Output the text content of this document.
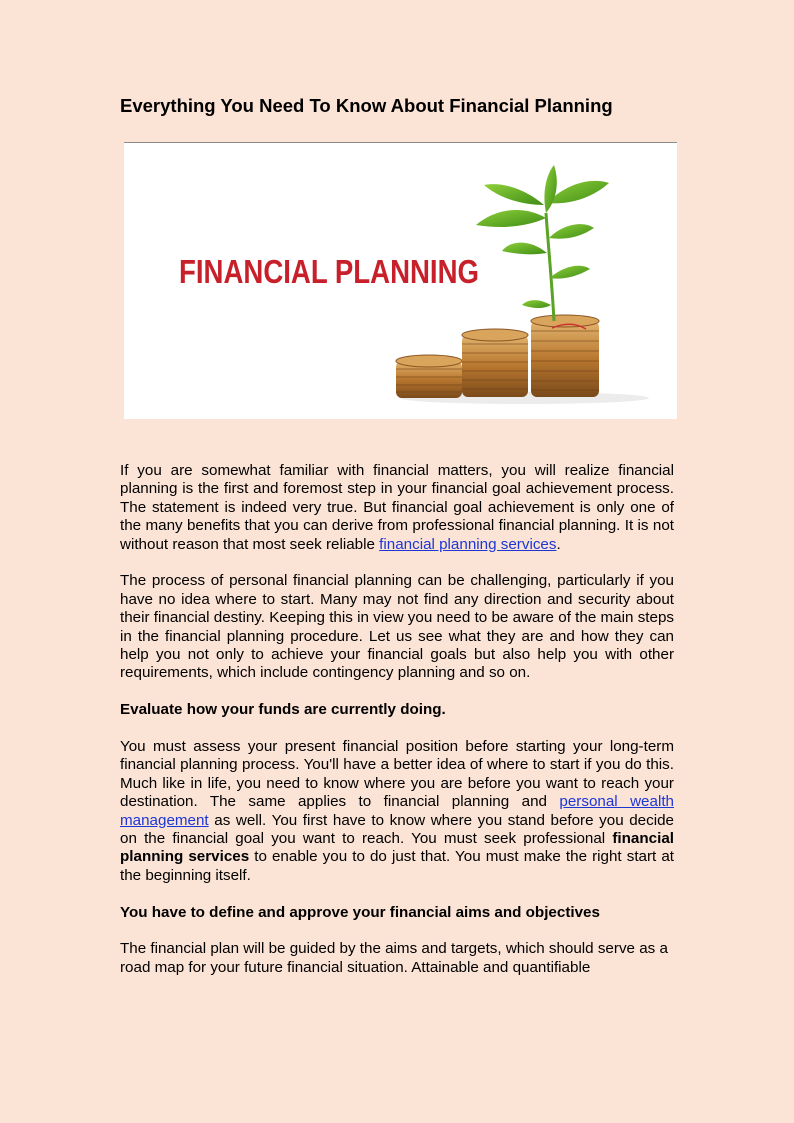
Everything You Need To Know About Financial Planning
FINANCIAL PLANNING

If you are somewhat familiar with financial matters, you will realize financial planning is the first and foremost step in your financial goal achievement process. The statement is indeed very true. But financial goal achievement is only one of the many benefits that you can derive from professional financial planning. It is not without reason that most seek reliable financial planning services.

The process of personal financial planning can be challenging, particularly if you have no idea where to start. Many may not find any direction and security about their financial destiny. Keeping this in view you need to be aware of the main steps in the financial planning procedure. Let us see what they are and how they can help you not only to achieve your financial goals but also help you with other requirements, which include contingency planning and so on.

Evaluate how your funds are currently doing.

You must assess your present financial position before starting your long-term financial planning process. You'll have a better idea of where to start if you do this. Much like in life, you need to know where you are before you want to reach your destination. The same applies to financial planning and personal wealth management as well. You first have to know where you stand before you decide on the financial goal you want to reach. You must seek professional financial planning services to enable you to do just that. You must make the right start at the beginning itself.

You have to define and approve your financial aims and objectives

The financial plan will be guided by the aims and targets, which should serve as a road map for your future financial situation. Attainable and quantifiable
